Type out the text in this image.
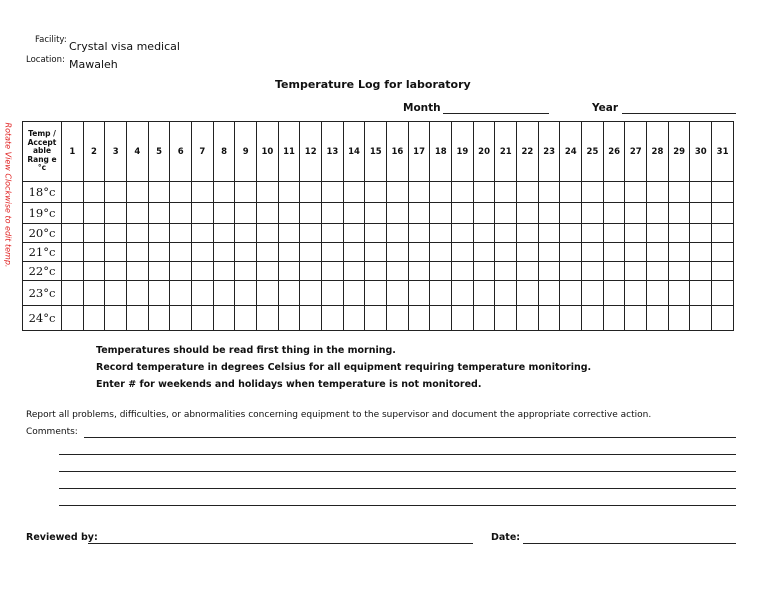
Facility: Crystal visa medical
Location: Mawaleh
Temperature Log for laboratory
Month	Year
Rotate View Clockwise to edit temp. Temp / Accept able Rang e °c	1	2	3	4	5	6	7	8	9	10	11	12	13	14	15	16	17	18	19	20	21	22	23	24	25	26	27	28	29	30	31
18°c																															
19°c																															
20°c																															
21°c																															
22°c																															
23°c																															
24°c																															
Temperatures should be read first thing in the morning.
Record temperature in degrees Celsius for all equipment requiring temperature monitoring.
Enter # for weekends and holidays when temperature is not monitored.
Report all problems, difficulties, or abnormalities concerning equipment to the supervisor and document the appropriate corrective action.
Comments:
Reviewed by:	Date:
